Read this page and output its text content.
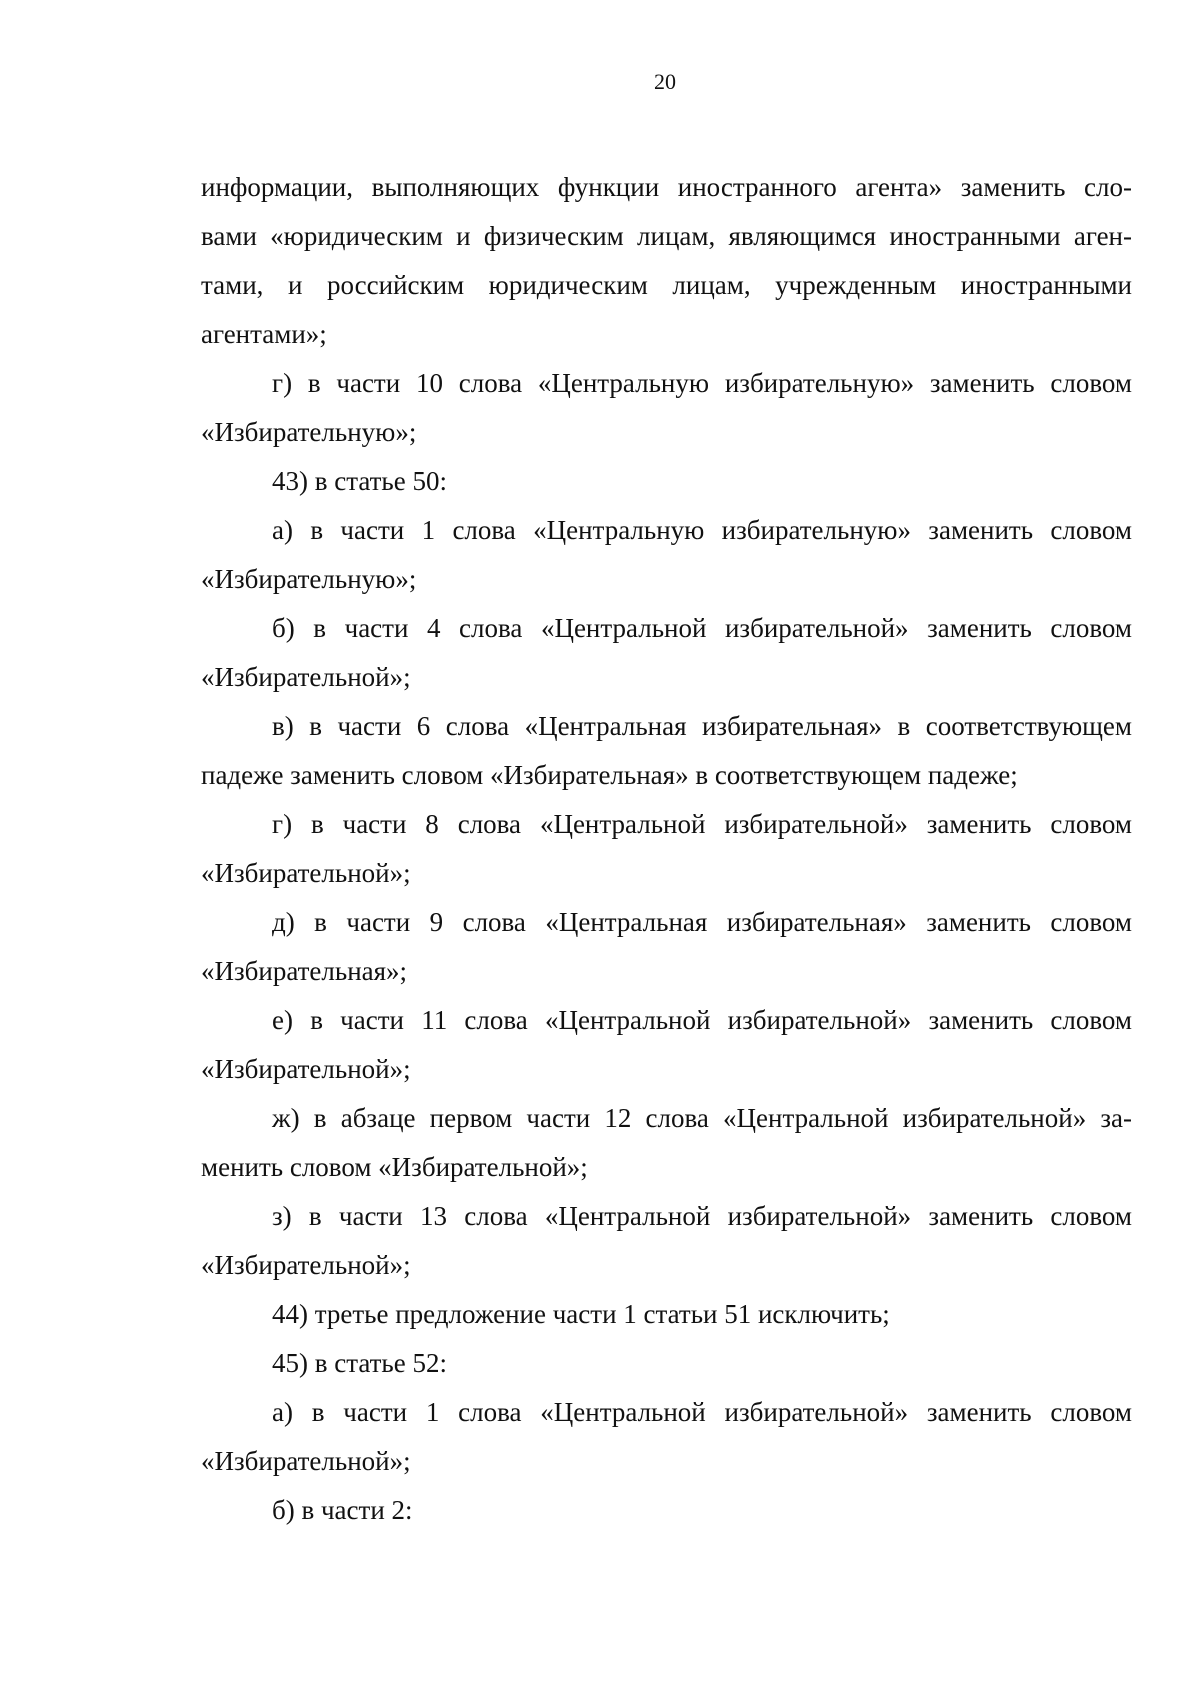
20
информации, выполняющих функции иностранного агента» заменить сло-
вами «юридическим и физическим лицам, являющимся иностранными аген-
тами, и российским юридическим лицам, учрежденным иностранными
агентами»;
г) в части 10 слова «Центральную избирательную» заменить словом
«Избирательную»;
43) в статье 50:
а) в части 1 слова «Центральную избирательную» заменить словом
«Избирательную»;
б) в части 4 слова «Центральной избирательной» заменить словом
«Избирательной»;
в) в части 6 слова «Центральная избирательная» в соответствующем
падеже заменить словом «Избирательная» в соответствующем падеже;
г) в части 8 слова «Центральной избирательной» заменить словом
«Избирательной»;
д) в части 9 слова «Центральная избирательная» заменить словом
«Избирательная»;
е) в части 11 слова «Центральной избирательной» заменить словом
«Избирательной»;
ж) в абзаце первом части 12 слова «Центральной избирательной» за-
менить словом «Избирательной»;
з) в части 13 слова «Центральной избирательной» заменить словом
«Избирательной»;
44) третье предложение части 1 статьи 51 исключить;
45) в статье 52:
а) в части 1 слова «Центральной избирательной» заменить словом
«Избирательной»;
б) в части 2:
